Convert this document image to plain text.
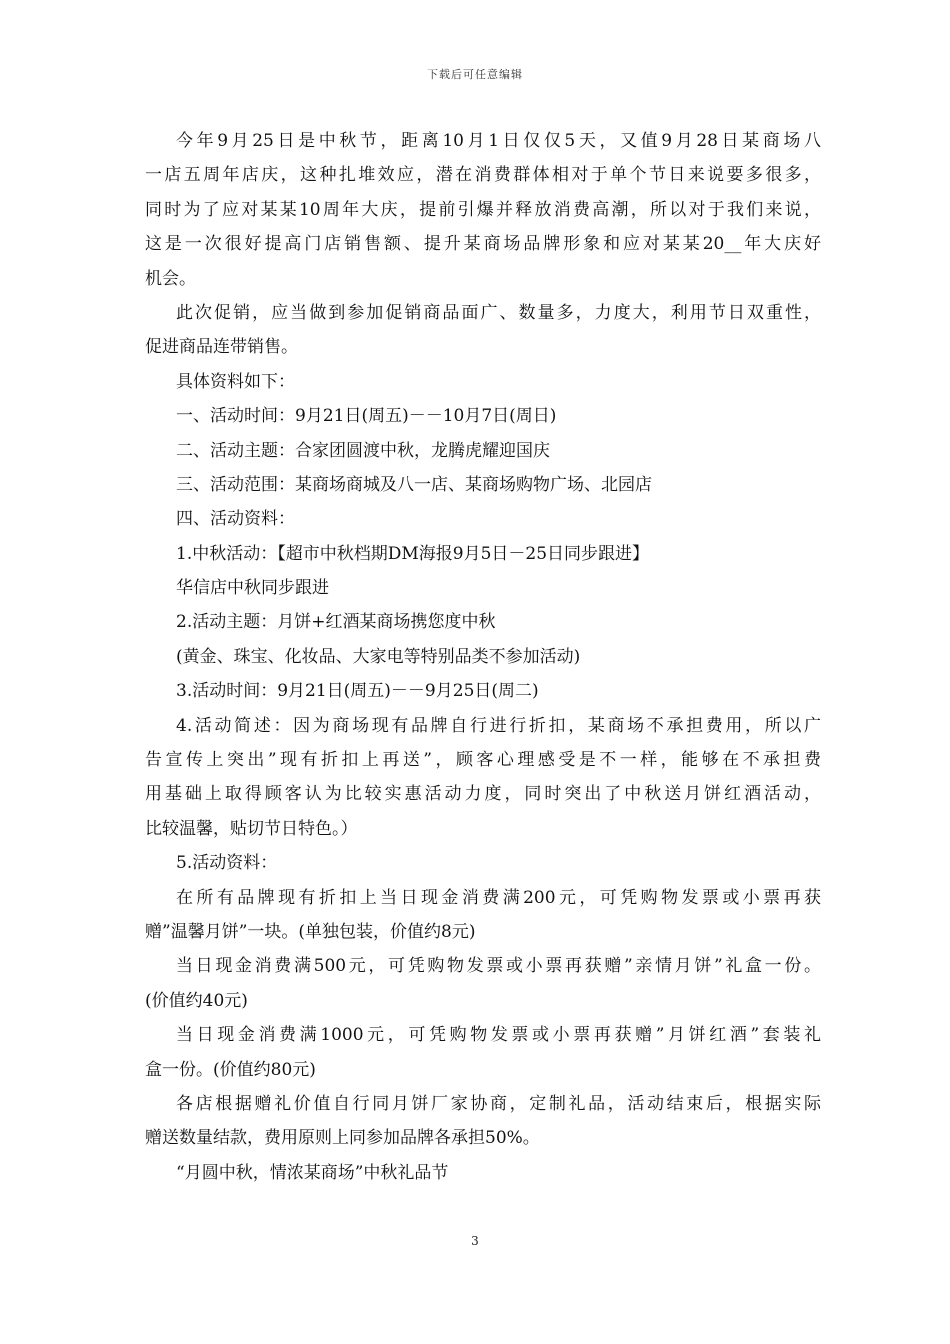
下载后可任意编辑
今年9月25日是中秋节，距离10月1日仅仅5天，又值9月28日某商场八
一店五周年店庆，这种扎堆效应，潜在消费群体相对于单个节日来说要多很多，
同时为了应对某某10周年大庆，提前引爆并释放消费高潮，所以对于我们来说，
这是一次很好提高门店销售额、提升某商场品牌形象和应对某某20__年大庆好
机会。
此次促销，应当做到参加促销商品面广、数量多，力度大，利用节日双重性，
促进商品连带销售。
具体资料如下：
一、活动时间：9月21日(周五)－－10月7日(周日)
二、活动主题：合家团圆渡中秋，龙腾虎耀迎国庆
三、活动范围：某商场商城及八一店、某商场购物广场、北园店
四、活动资料：
1.中秋活动：【超市中秋档期DM海报9月5日－25日同步跟进】
华信店中秋同步跟进
2.活动主题：月饼+红酒某商场携您度中秋
(黄金、珠宝、化妆品、大家电等特别品类不参加活动)
3.活动时间：9月21日(周五)－－9月25日(周二)
4.活动简述：因为商场现有品牌自行进行折扣，某商场不承担费用，所以广
告宣传上突出”现有折扣上再送”，顾客心理感受是不一样，能够在不承担费
用基础上取得顾客认为比较实惠活动力度，同时突出了中秋送月饼红酒活动，
比较温馨，贴切节日特色。）
5.活动资料：
在所有品牌现有折扣上当日现金消费满200元，可凭购物发票或小票再获
赠”温馨月饼”一块。(单独包装，价值约8元)
当日现金消费满500元，可凭购物发票或小票再获赠”亲情月饼”礼盒一份。
(价值约40元)
当日现金消费满1000元，可凭购物发票或小票再获赠”月饼红酒”套装礼
盒一份。(价值约80元)
各店根据赠礼价值自行同月饼厂家协商，定制礼品，活动结束后，根据实际
赠送数量结款，费用原则上同参加品牌各承担50%。
“月圆中秋，情浓某商场”中秋礼品节
3
